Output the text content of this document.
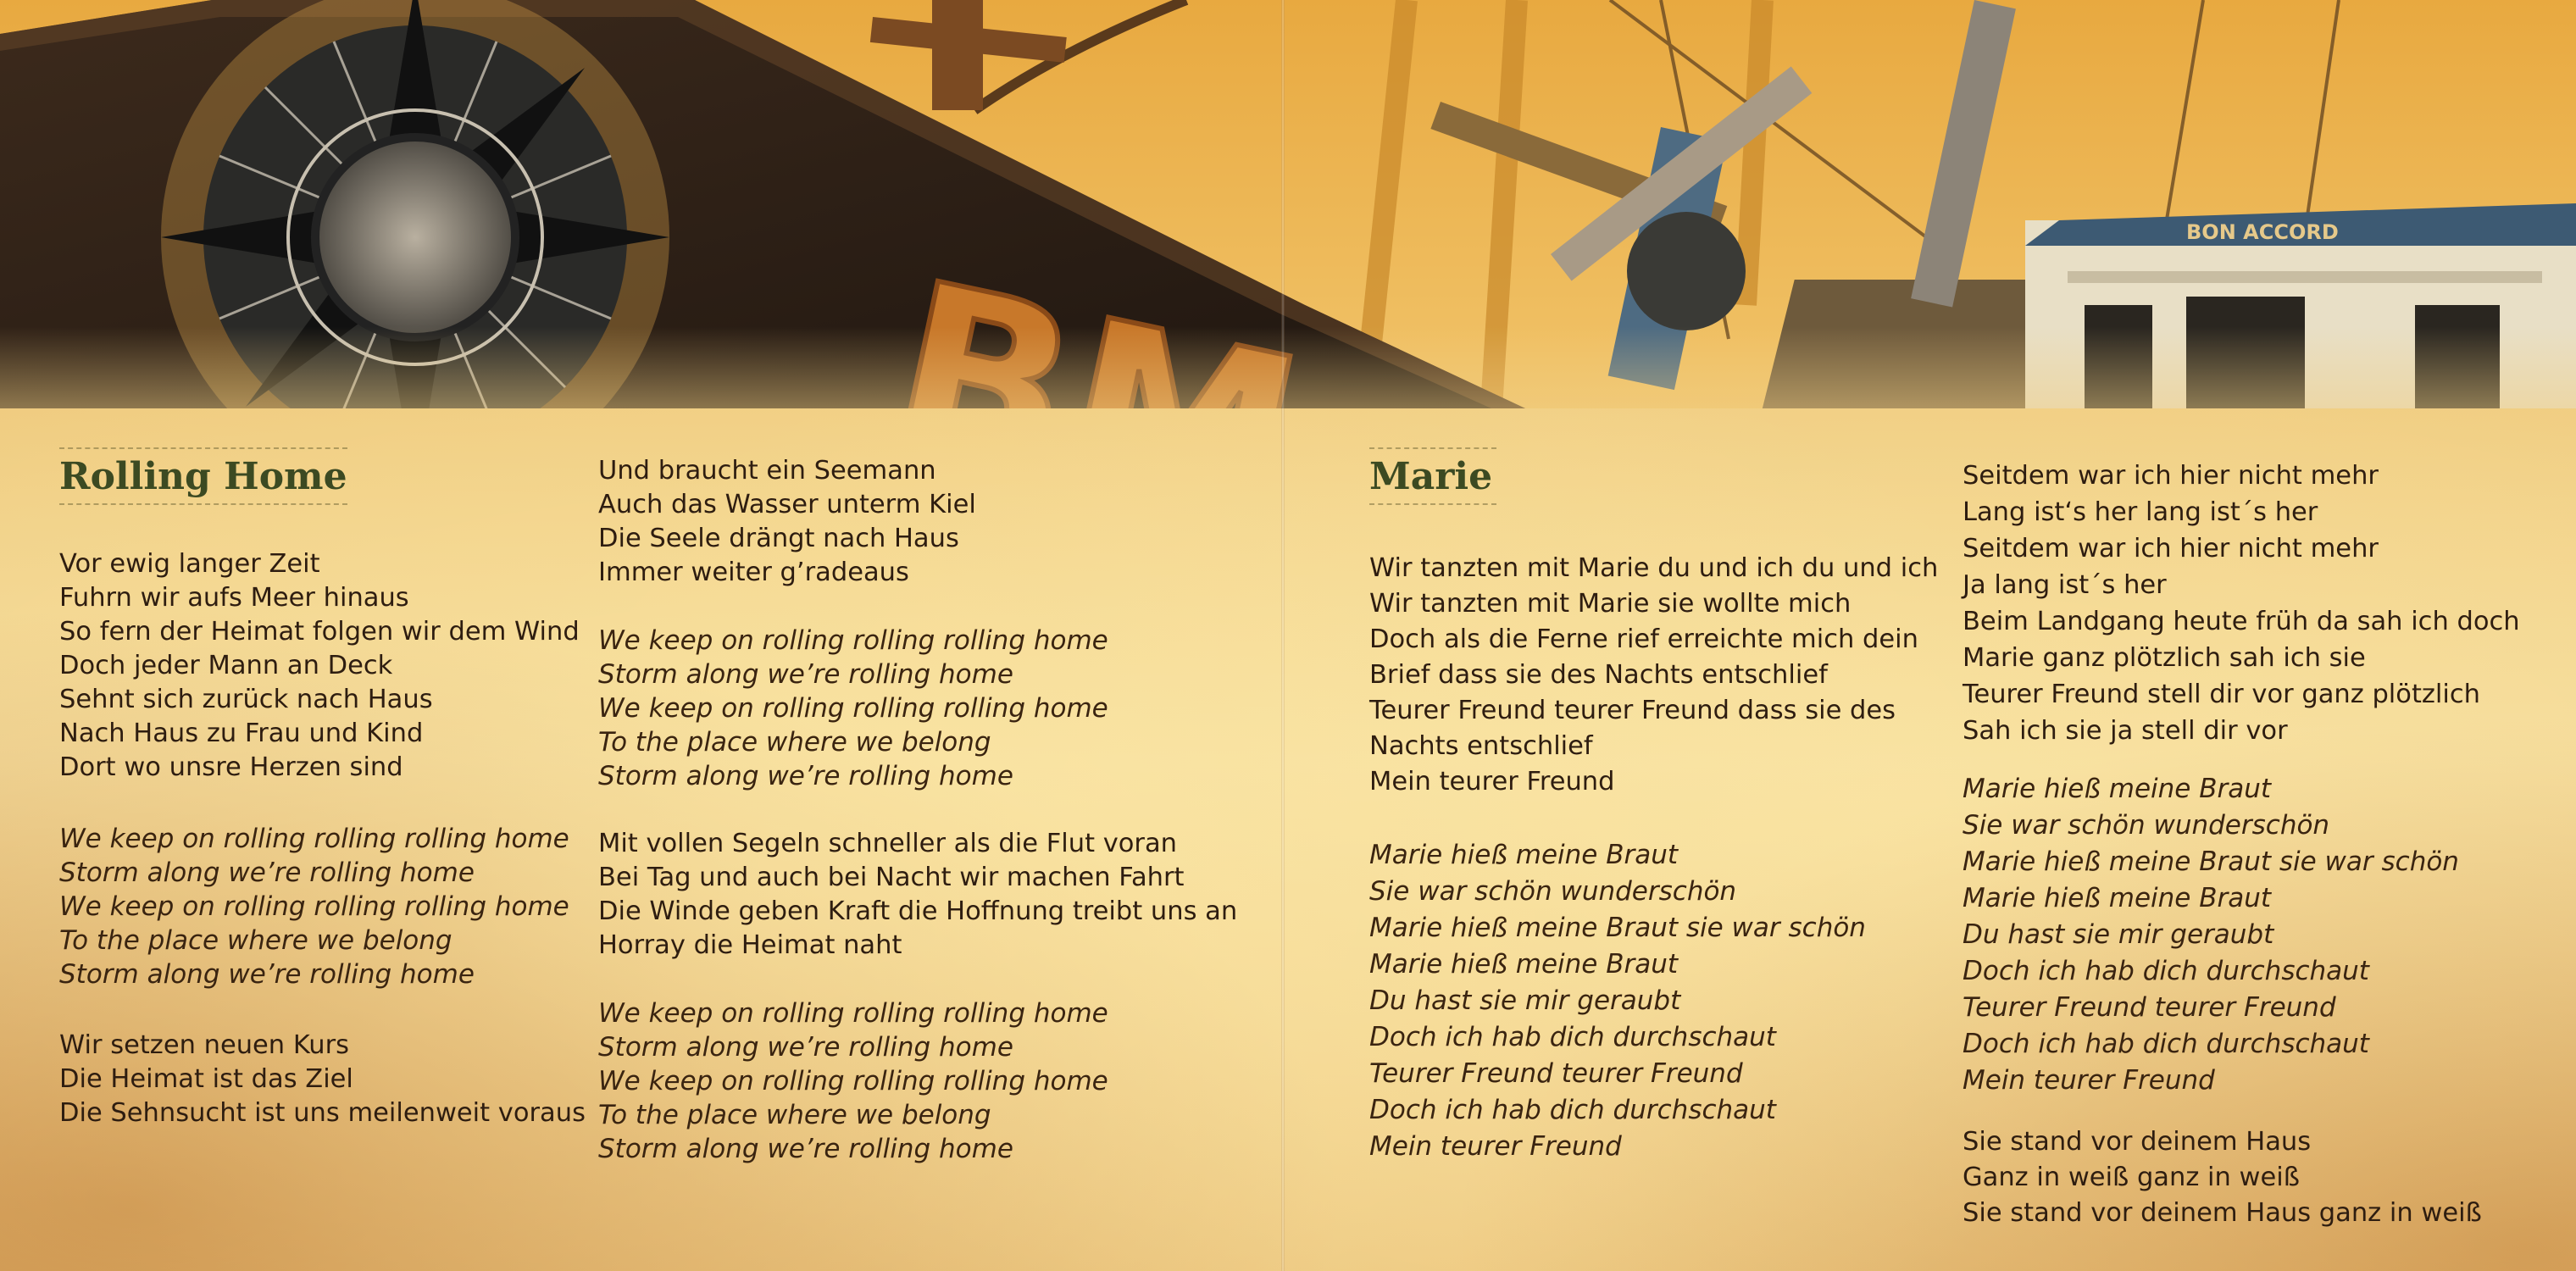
Rolling Home
Vor ewig langer Zeit
Fuhrn wir aufs Meer hinaus
So fern der Heimat folgen wir dem Wind
Doch jeder Mann an Deck
Sehnt sich zurück nach Haus
Nach Haus zu Frau und Kind
Dort wo unsre Herzen sind
We keep on rolling rolling rolling home
Storm along we’re rolling home
We keep on rolling rolling rolling home
To the place where we belong
Storm along we’re rolling home
Wir setzen neuen Kurs
Die Heimat ist das Ziel
Die Sehnsucht ist uns meilenweit voraus
Und braucht ein Seemann
Auch das Wasser unterm Kiel
Die Seele drängt nach Haus
Immer weiter g’radeaus
We keep on rolling rolling rolling home
Storm along we’re rolling home
We keep on rolling rolling rolling home
To the place where we belong
Storm along we’re rolling home
Mit vollen Segeln schneller als die Flut voran
Bei Tag und auch bei Nacht wir machen Fahrt
Die Winde geben Kraft die Hoffnung treibt uns an
Horray die Heimat naht
We keep on rolling rolling rolling home
Storm along we’re rolling home
We keep on rolling rolling rolling home
To the place where we belong
Storm along we’re rolling home
Marie
Wir tanzten mit Marie du und ich du und ich
Wir tanzten mit Marie sie wollte mich
Doch als die Ferne rief erreichte mich dein
Brief dass sie des Nachts entschlief
Teurer Freund teurer Freund dass sie des
Nachts entschlief
Mein teurer Freund
Marie hieß meine Braut
Sie war schön wunderschön
Marie hieß meine Braut sie war schön
Marie hieß meine Braut
Du hast sie mir geraubt
Doch ich hab dich durchschaut
Teurer Freund teurer Freund
Doch ich hab dich durchschaut
Mein teurer Freund
Seitdem war ich hier nicht mehr
Lang ist‘s her lang ist´s her
Seitdem war ich hier nicht mehr
Ja lang ist´s her
Beim Landgang heute früh da sah ich doch
Marie ganz plötzlich sah ich sie
Teurer Freund stell dir vor ganz plötzlich
Sah ich sie ja stell dir vor
Marie hieß meine Braut
Sie war schön wunderschön
Marie hieß meine Braut sie war schön
Marie hieß meine Braut
Du hast sie mir geraubt
Doch ich hab dich durchschaut
Teurer Freund teurer Freund
Doch ich hab dich durchschaut
Mein teurer Freund
Sie stand vor deinem Haus
Ganz in weiß ganz in weiß
Sie stand vor deinem Haus ganz in weiß
